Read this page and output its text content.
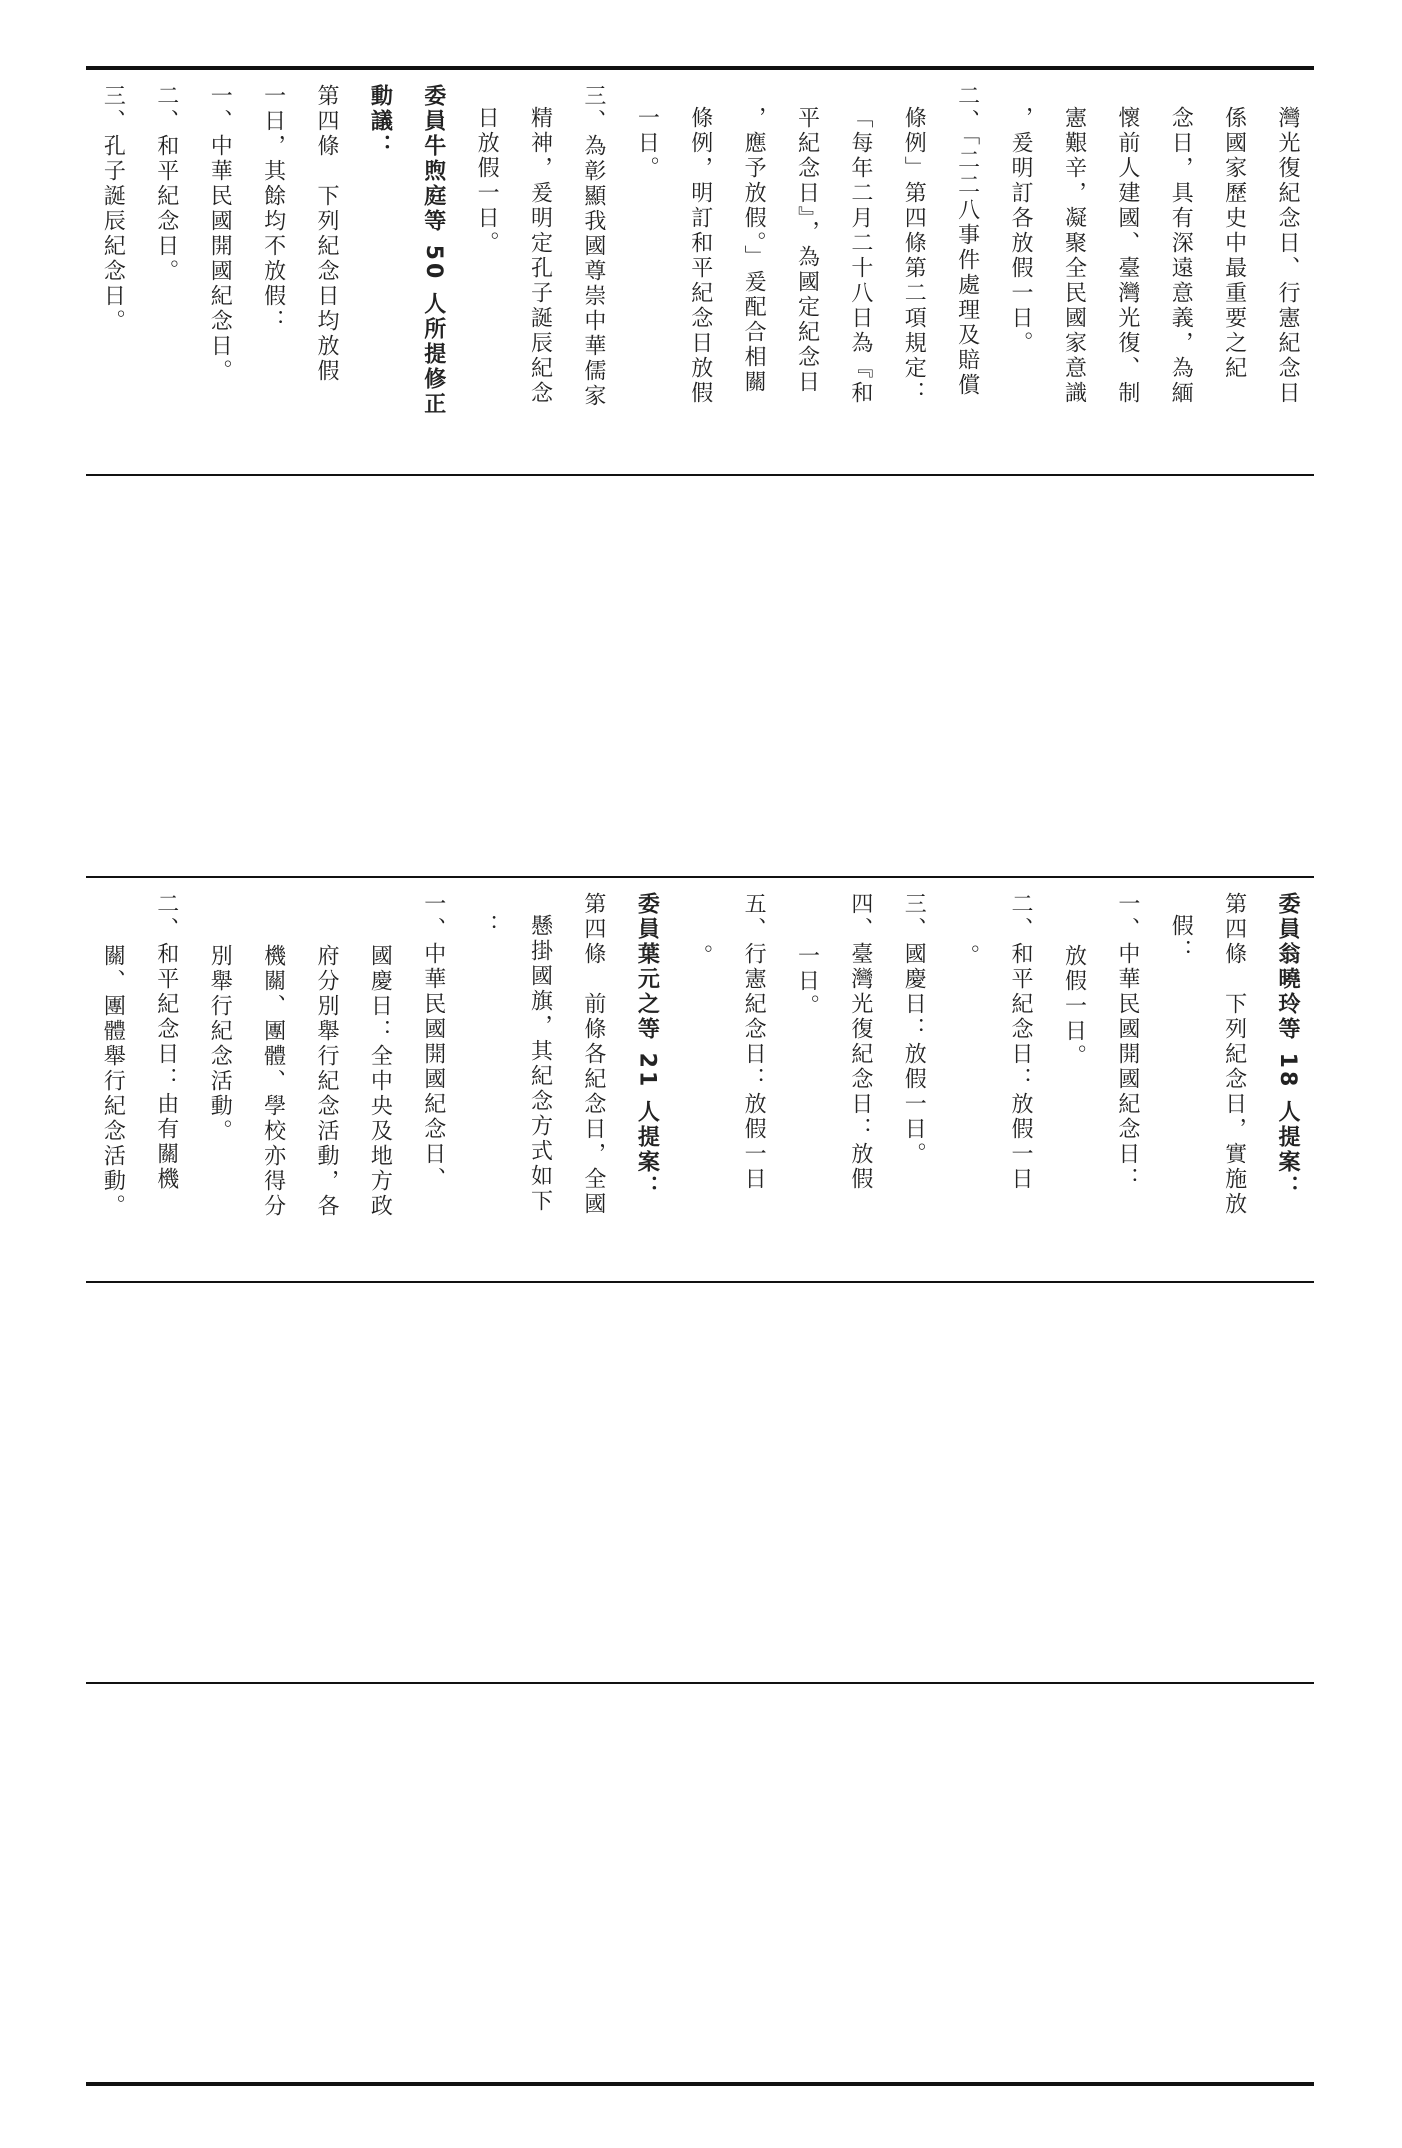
灣光復紀念日、行憲紀念日
係國家歷史中最重要之紀
念日，具有深遠意義，為緬
懷前人建國、臺灣光復、制
憲艱辛，凝聚全民國家意識
，爰明訂各放假一日。
二、「二二八事件處理及賠償
條例」第四條第二項規定：
「每年二月二十八日為『和
平紀念日』，為國定紀念日
，應予放假。」爰配合相關
條例，明訂和平紀念日放假
一日。
三、為彰顯我國尊崇中華儒家
精神，爰明定孔子誕辰紀念
日放假一日。
委員牛煦庭等 50 人所提修正
動議：
第四條　下列紀念日均放假
一日，其餘均不放假：
一、中華民國開國紀念日。
二、和平紀念日。
三、孔子誕辰紀念日。
委員翁曉玲等 18 人提案：
第四條　下列紀念日，實施放
假：
一、中華民國開國紀念日：
放假一日。
二、和平紀念日：放假一日
。
三、國慶日：放假一日。
四、臺灣光復紀念日：放假
一日。
五、行憲紀念日：放假一日
。
委員葉元之等 21 人提案：
第四條　前條各紀念日，全國
懸掛國旗，其紀念方式如下
：
一、中華民國開國紀念日、
國慶日：全中央及地方政
府分別舉行紀念活動，各
機關、團體、學校亦得分
別舉行紀念活動。
二、和平紀念日：由有關機
關、團體舉行紀念活動。
